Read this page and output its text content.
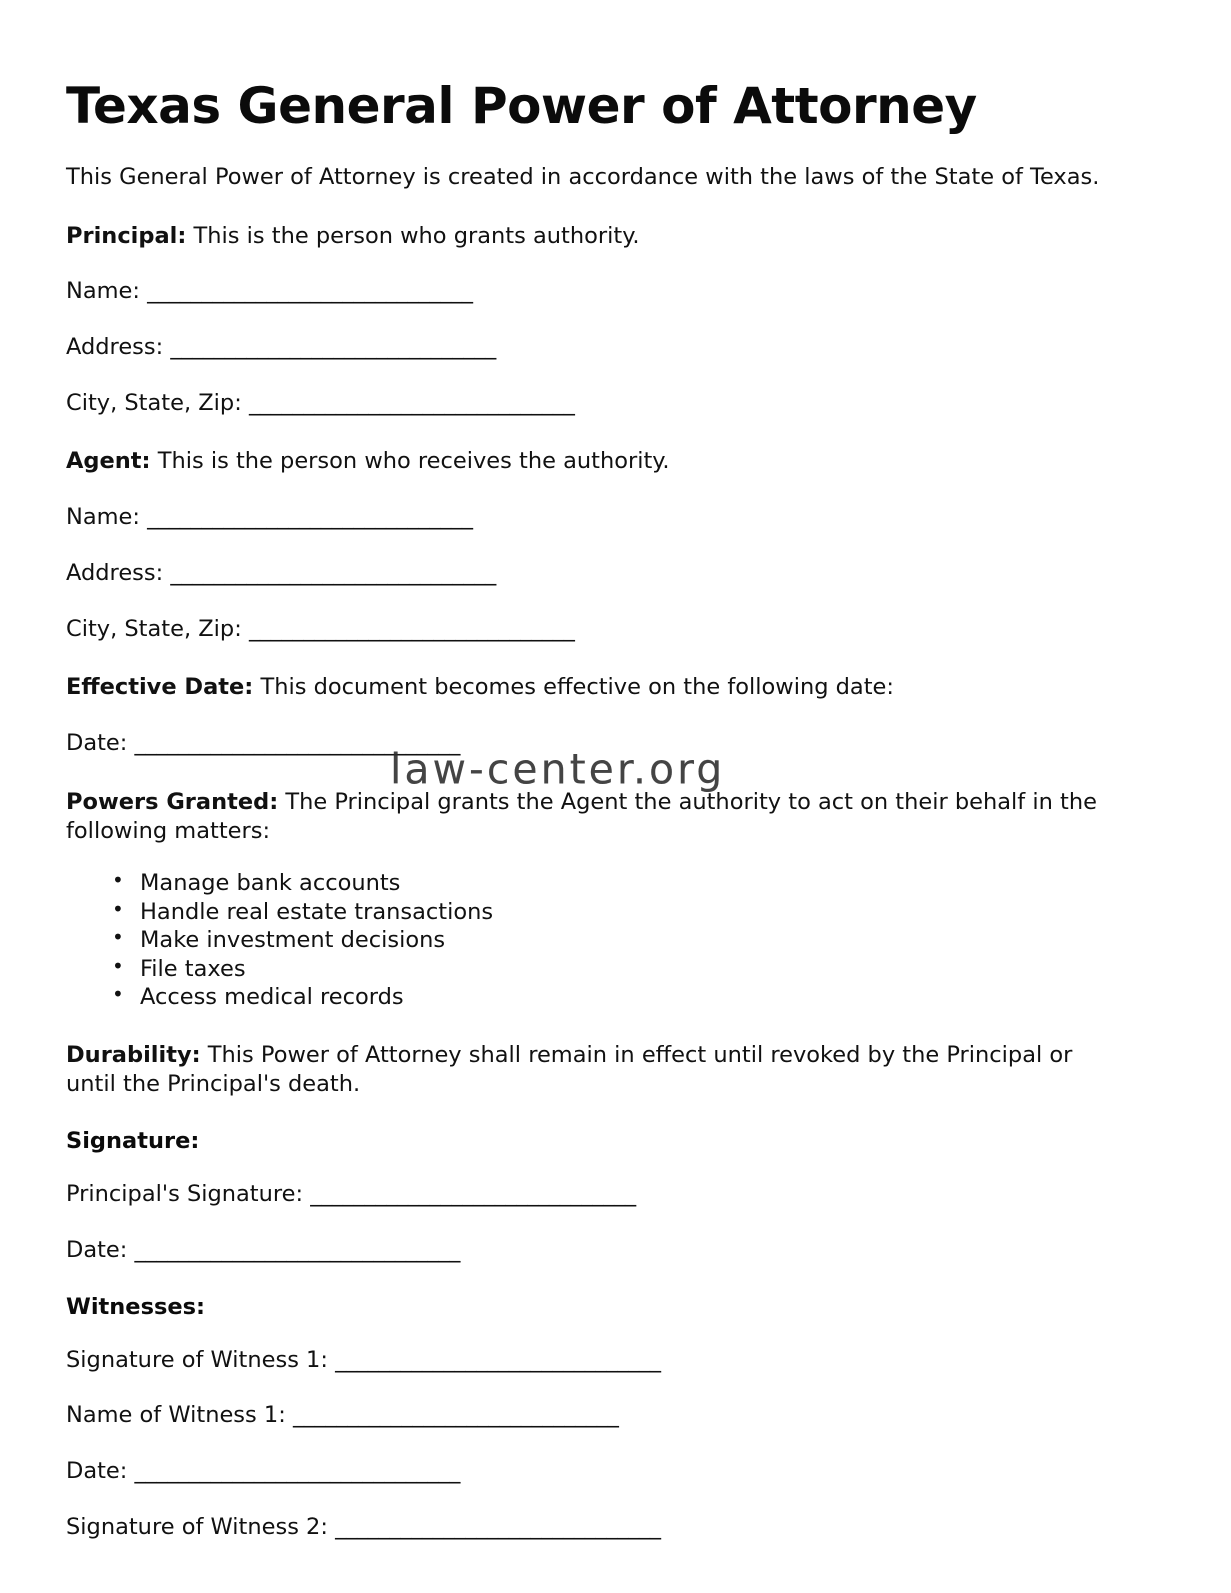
Texas General Power of Attorney

This General Power of Attorney is created in accordance with the laws of the State of Texas.

Principal: This is the person who grants authority.

Name: ______________________________

Address: ______________________________

City, State, Zip: ______________________________

Agent: This is the person who receives the authority.

Name: ______________________________

Address: ______________________________

City, State, Zip: ______________________________

Effective Date: This document becomes effective on the following date:

Date: ______________________________

Powers Granted: The Principal grants the Agent the authority to act on their behalf in the following matters:

law-center.org
• Manage bank accounts
• Handle real estate transactions
• Make investment decisions
• File taxes
• Access medical records

Durability: This Power of Attorney shall remain in effect until revoked by the Principal or until the Principal's death.

Signature:

Principal's Signature: ______________________________

Date: ______________________________

Witnesses:

Signature of Witness 1: ______________________________

Name of Witness 1: ______________________________

Date: ______________________________

Signature of Witness 2: ______________________________
